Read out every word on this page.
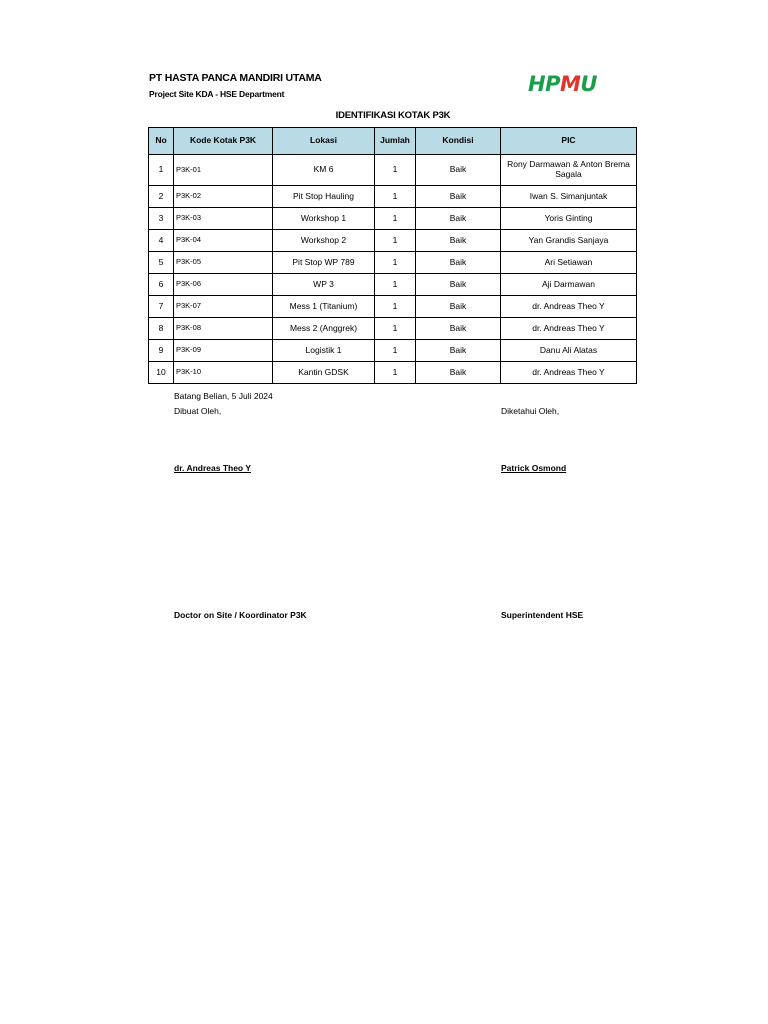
PT HASTA PANCA MANDIRI UTAMA
Project Site KDA - HSE Department	HPMU
IDENTIFIKASI KOTAK P3K
No	Kode Kotak P3K	Lokasi	Jumlah	Kondisi	PIC
1	P3K-01	KM 6	1	Baik	Rony Darmawan & Anton Brema Sagala
2	P3K-02	Pit Stop Hauling	1	Baik	Iwan S. Simanjuntak
3	P3K-03	Workshop 1	1	Baik	Yoris Ginting
4	P3K-04	Workshop 2	1	Baik	Yan Grandis Sanjaya
5	P3K-05	Pit Stop WP 789	1	Baik	Ari Setiawan
6	P3K-06	WP 3	1	Baik	Aji Darmawan
7	P3K-07	Mess 1 (Titanium)	1	Baik	dr. Andreas Theo Y
8	P3K-08	Mess 2 (Anggrek)	1	Baik	dr. Andreas Theo Y
9	P3K-09	Logistik 1	1	Baik	Danu Ali Alatas
10	P3K-10	Kantin GDSK	1	Baik	dr. Andreas Theo Y
Batang Belian, 5 Juli 2024
Dibuat Oleh,	Diketahui Oleh,
dr. Andreas Theo Y	Patrick Osmond
Doctor on Site / Koordinator P3K	Superintendent HSE
